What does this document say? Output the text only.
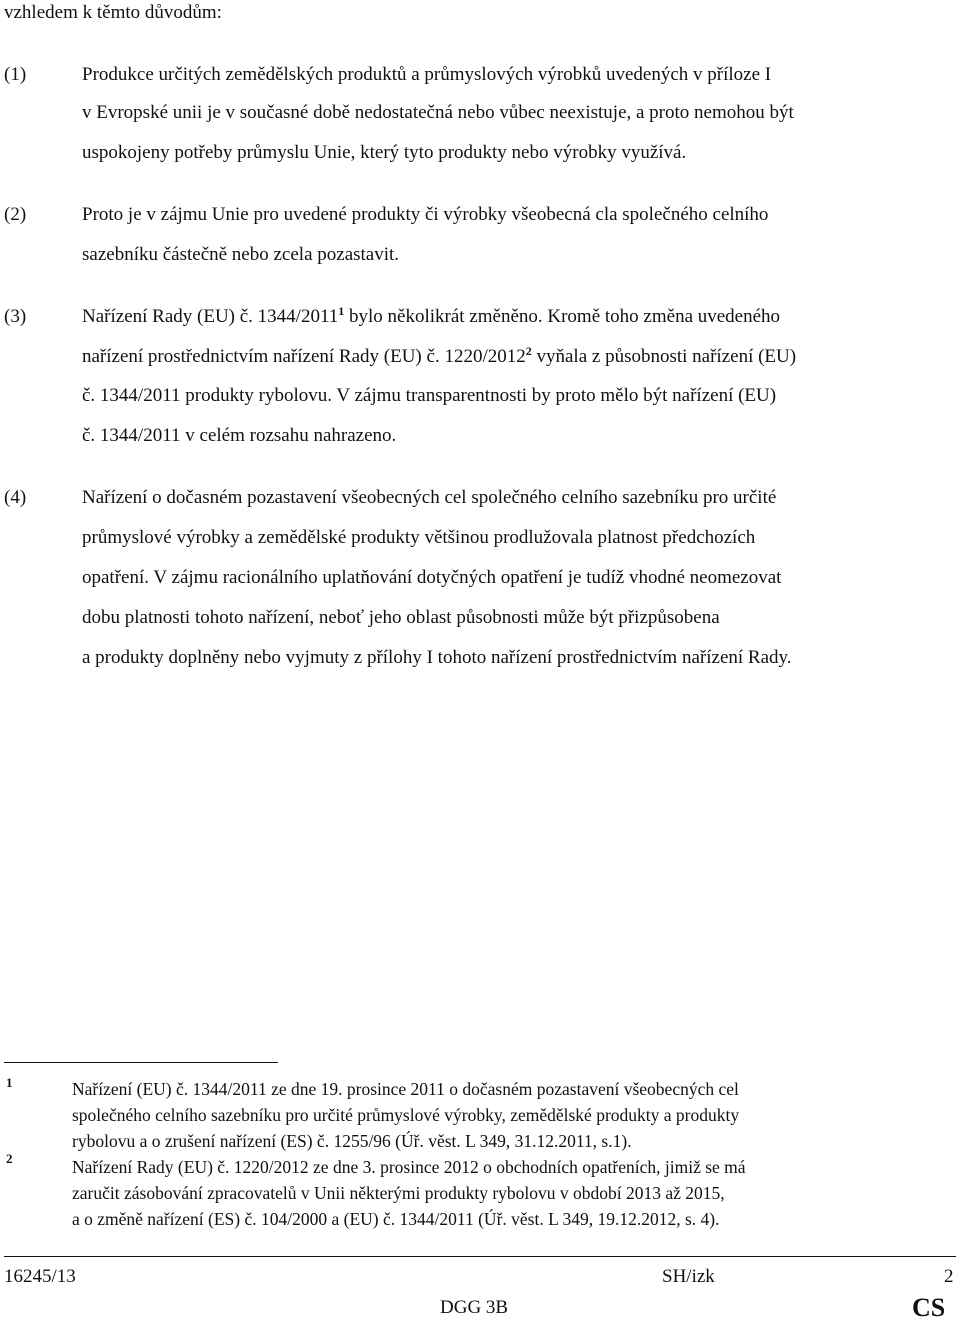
vzhledem k těmto důvodům:
(1)	Produkce určitých zemědělských produktů a průmyslových výrobků uvedených v příloze I
v Evropské unii je v současné době nedostatečná nebo vůbec neexistuje, a proto nemohou být
uspokojeny potřeby průmyslu Unie, který tyto produkty nebo výrobky využívá.
(2)	Proto je v zájmu Unie pro uvedené produkty či výrobky všeobecná cla společného celního
sazebníku částečně nebo zcela pozastavit.
(3)	Nařízení Rady (EU) č. 1344/2011$^1$ bylo několikrát změněno. Kromě toho změna uvedeného
nařízení prostřednictvím nařízení Rady (EU) č. 1220/2012$^2$ vyňala z působnosti nařízení (EU)
č. 1344/2011 produkty rybolovu. V zájmu transparentnosti by proto mělo být nařízení (EU)
č. 1344/2011 v celém rozsahu nahrazeno.
(4)	Nařízení o dočasném pozastavení všeobecných cel společného celního sazebníku pro určité
průmyslové výrobky a zemědělské produkty většinou prodlužovala platnost předchozích
opatření. V zájmu racionálního uplatňování dotyčných opatření je tudíž vhodné neomezovat
dobu platnosti tohoto nařízení, neboť jeho oblast působnosti může být přizpůsobena
a produkty doplněny nebo vyjmuty z přílohy I tohoto nařízení prostřednictvím nařízení Rady.
1	Nařízení (EU) č. 1344/2011 ze dne 19. prosince 2011 o dočasném pozastavení všeobecných cel
společného celního sazebníku pro určité průmyslové výrobky, zemědělské produkty a produkty
rybolovu a o zrušení nařízení (ES) č. 1255/96 (Úř. věst. L 349, 31.12.2011, s.1).
2	Nařízení Rady (EU) č. 1220/2012 ze dne 3. prosince 2012 o obchodních opatřeních, jimiž se má
zaručit zásobování zpracovatelů v Unii některými produkty rybolovu v období 2013 až 2015,
a o změně nařízení (ES) č. 104/2000 a (EU) č. 1344/2011 (Úř. věst. L 349, 19.12.2012, s. 4).
16245/13	SH/izk	2
DGG 3B	CS
